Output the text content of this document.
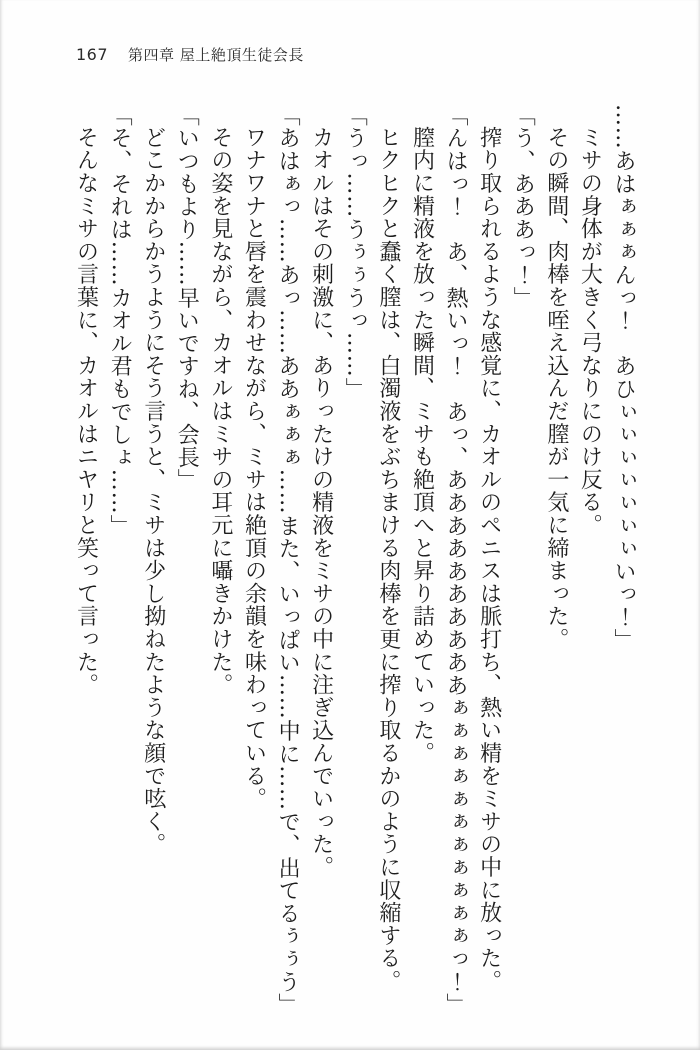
167 第四章 屋上絶頂生徒会長

……あはぁぁぁんっ！　あひぃぃぃぃぃぃぃいっ！」

ミサの身体が大きく弓なりにのけ反る。

その瞬間、肉棒を咥え込んだ膣が一気に締まった。

「う、あああっ！」

搾り取られるような感覚に、カオルのペニスは脈打ち、熱い精をミサの中に放った。

「んはっ！　あ、熱いっ！　あっ、ああああああああああぁぁぁぁぁぁぁぁぁぁぁっ！」

膣内に精液を放った瞬間、ミサも絶頂へと昇り詰めていった。

ヒクヒクと蠢く膣は、白濁液をぶちまける肉棒を更に搾り取るかのように収縮する。

「うっ……うぅぅうっ……」

カオルはその刺激に、ありったけの精液をミサの中に注ぎ込んでいった。

「あはぁっ……あっ……ああぁぁぁ……また、いっぱい……中に……で、出てるぅぅう」

ワナワナと唇を震わせながら、ミサは絶頂の余韻を味わっている。

その姿を見ながら、カオルはミサの耳元に囁きかけた。

「いつもより……早いですね、会長」

どこかからかうようにそう言うと、ミサは少し拗ねたような顔で呟く。

「そ、それは……カオル君もでしょ……」

そんなミサの言葉に、カオルはニヤリと笑って言った。
